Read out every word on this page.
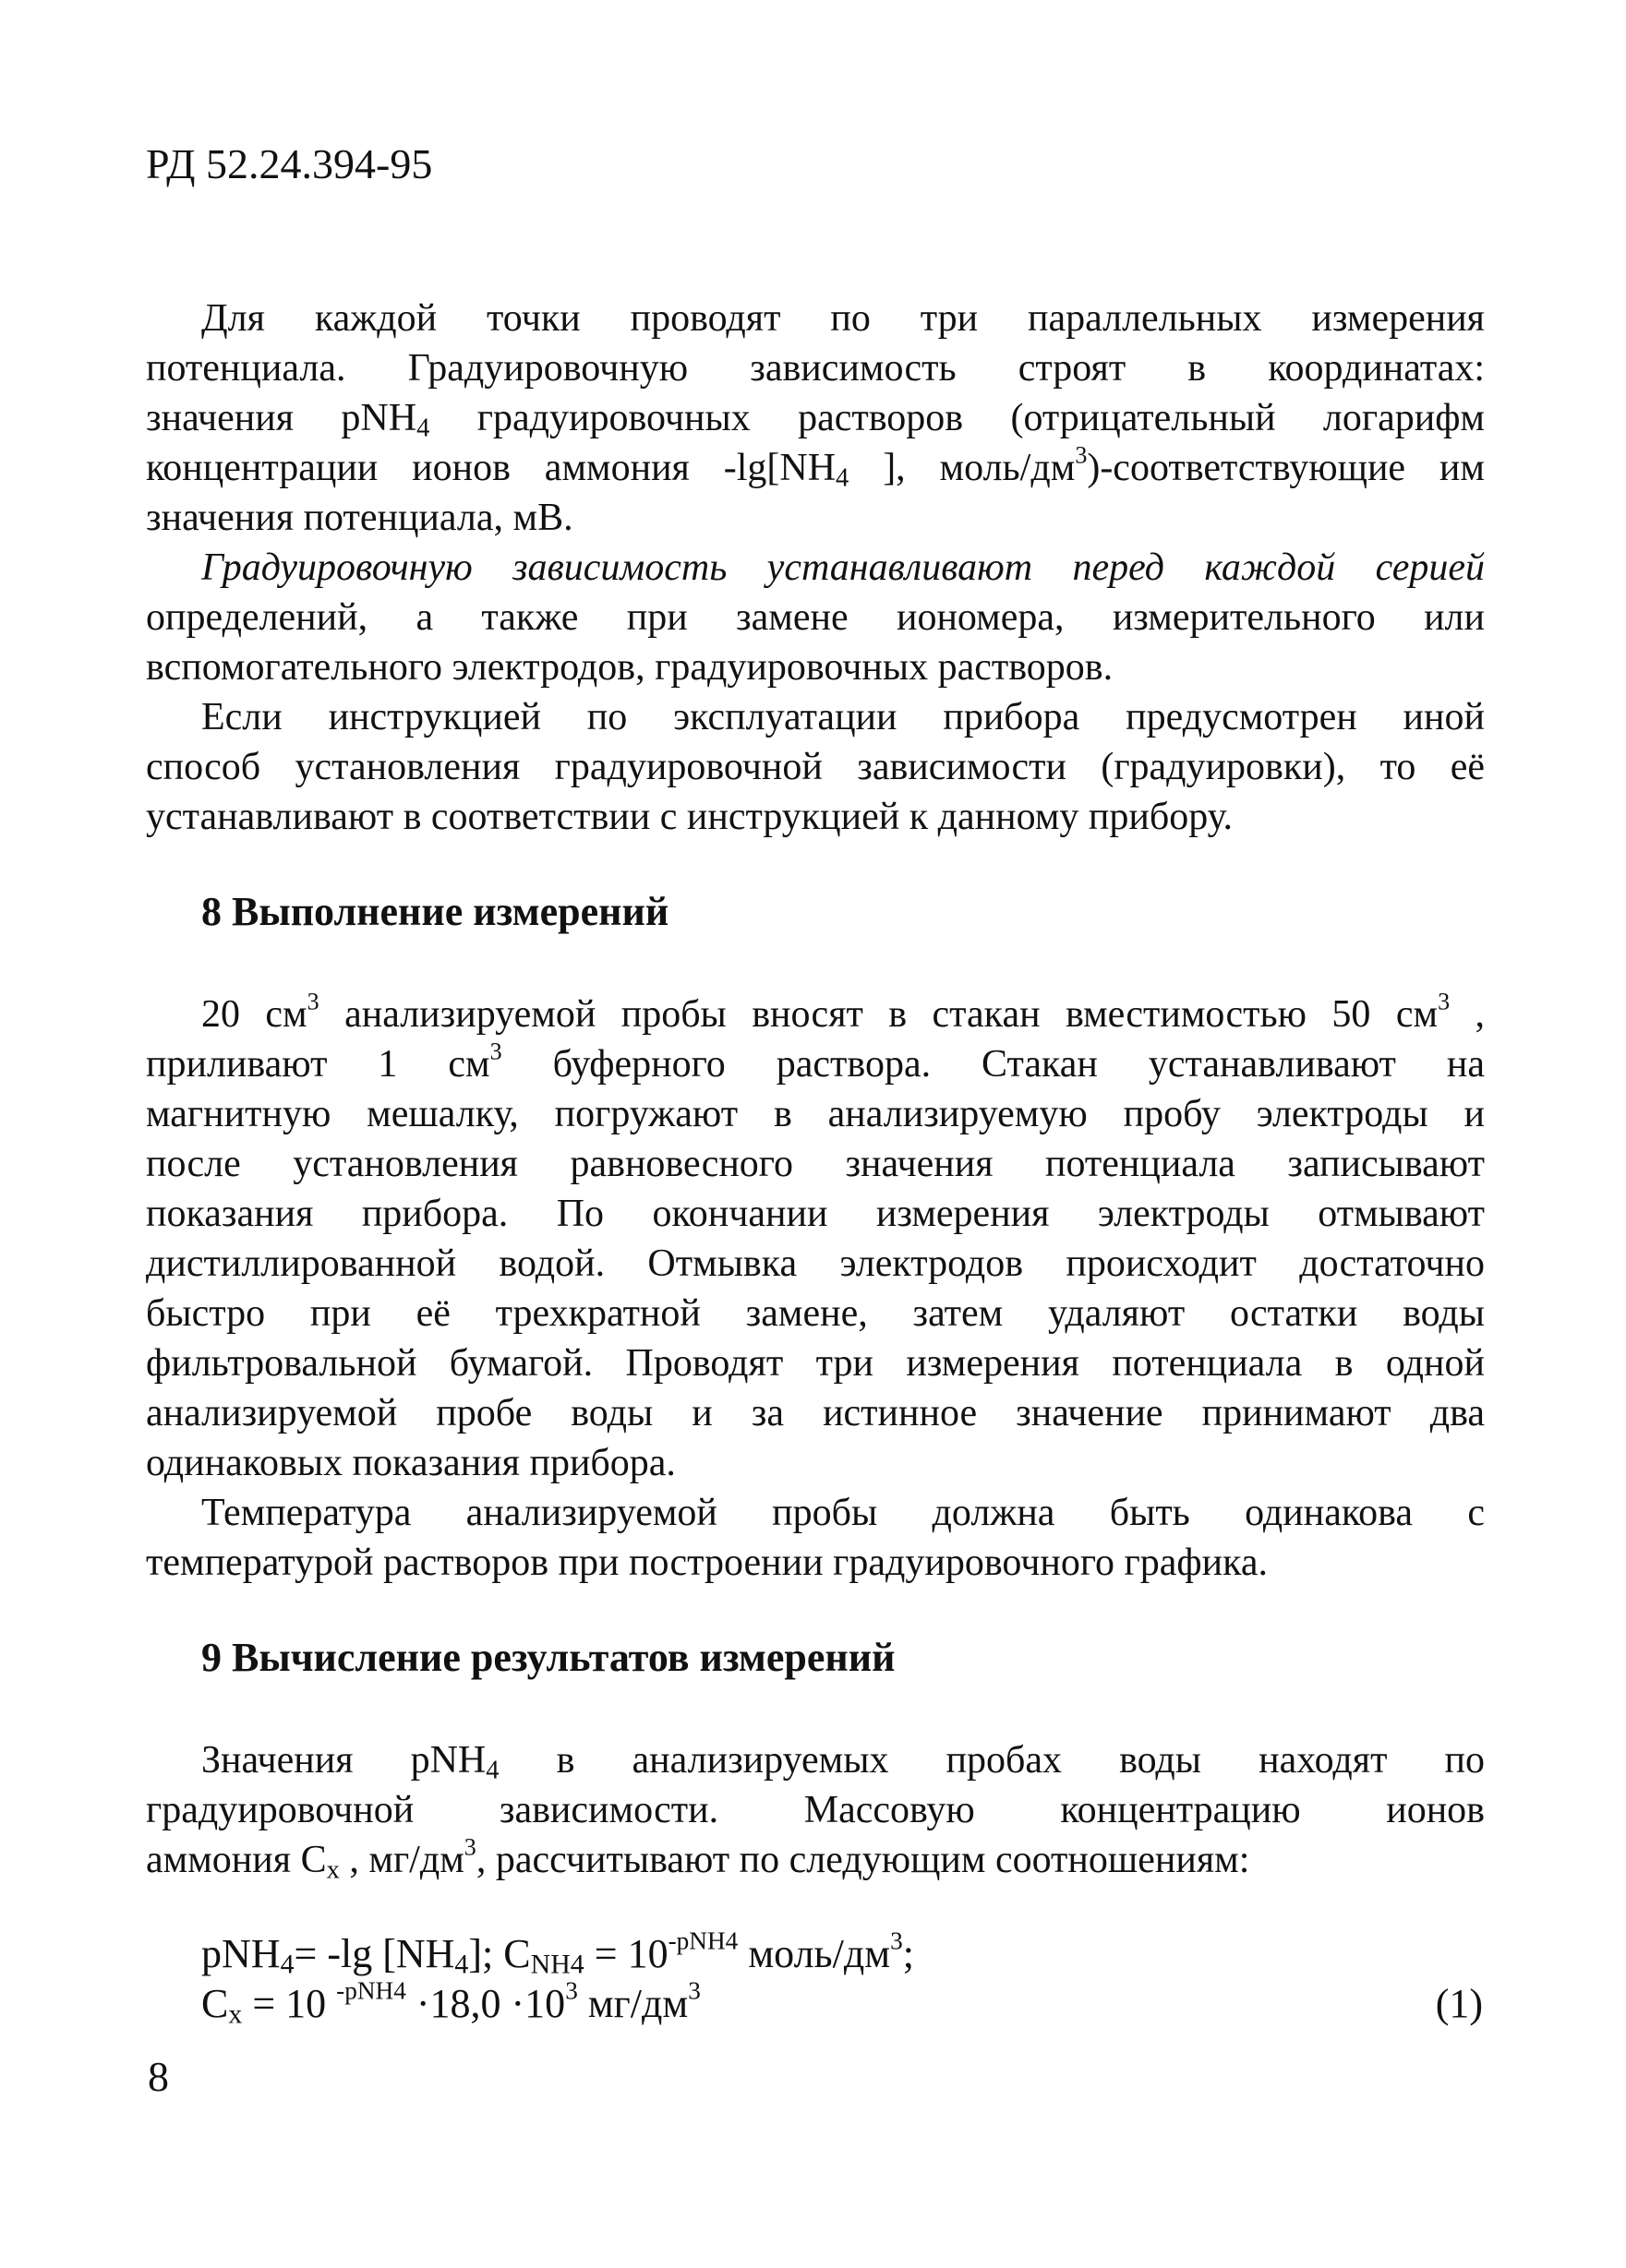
РД 52.24.394-95
Для каждой точки проводят по три параллельных измерения
потенциала. Градуировочную зависимость строят в координатах:
значения pNH$_4$ градуировочных растворов (отрицательный логарифм
концентрации ионов аммония $-\lg[NH_4$ ], моль/$дм^3$)-соответствующие им
значения потенциала, мВ.
Градуировочную зависимость устанавливают перед каждой серией
определений, а также при замене иономера, измерительного или
вспомогательного электродов, градуировочных растворов.
Если инструкцией по эксплуатации прибора предусмотрен иной
способ установления градуировочной зависимости (градуировки), то её
устанавливают в соответствии с инструкцией к данному прибору.
8 Выполнение измерений
20 $см^3$ анализируемой пробы вносят в стакан вместимостью 50 $см^3$ ,
приливают 1 $см^3$ буферного раствора. Стакан устанавливают на
магнитную мешалку, погружают в анализируемую пробу электроды и
после установления равновесного значения потенциала записывают
показания прибора. По окончании измерения электроды отмывают
дистиллированной водой. Отмывка электродов происходит достаточно
быстро при её трехкратной замене, затем удаляют остатки воды
фильтровальной бумагой. Проводят три измерения потенциала в одной
анализируемой пробе воды и за истинное значение принимают два
одинаковых показания прибора.
Температура анализируемой пробы должна быть одинакова с
температурой растворов при построении градуировочного графика.
9 Вычисление результатов измерений
Значения pNH$_4$ в анализируемых пробах воды находят по
градуировочной зависимости. Массовую концентрацию ионов
аммония $C_x$ , $мг/дм^3$, рассчитывают по следующим соотношениям:
pNH$_4$= -lg $[NH_4]$; $C_{NH4} = 10^{-pNH4}$ моль/$дм^3$;
$C_x = 10$ $^{-pNH4} \cdot 18,0 \cdot 10^3$ $мг/дм^3$	(1)
8
